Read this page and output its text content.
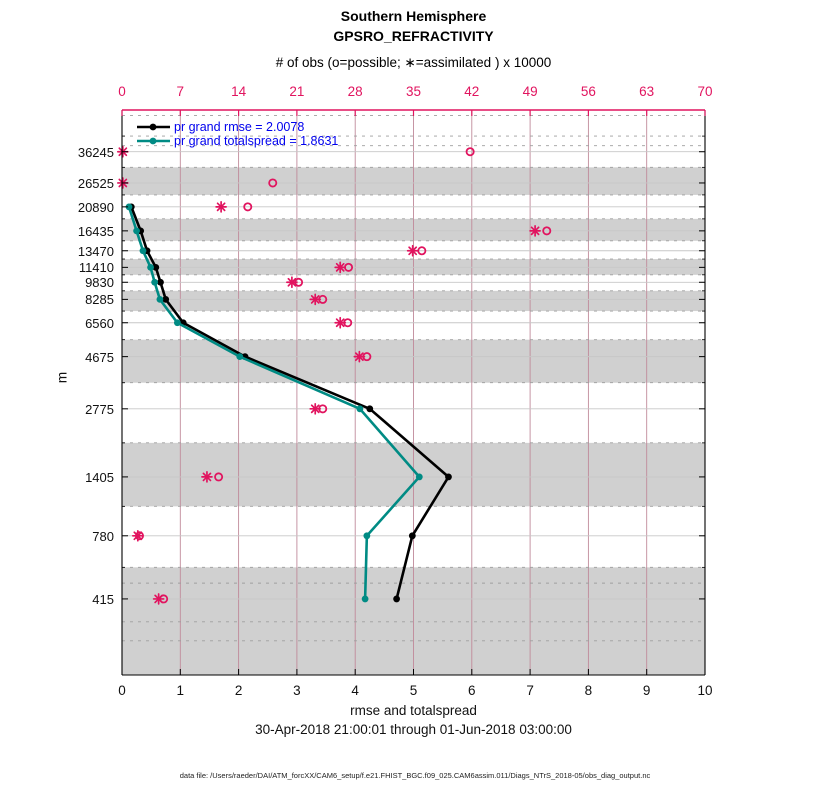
Southern Hemisphere
GPSRO_REFRACTIVITY
# of obs (o=possible; ∗=assimilated ) x 10000
0	7	14	21	28	35	42	49	56	63	70
0	1	2	3	4	5	6	7	8	9	10
36245
26525
20890
16435
13470
11410
9830
8285
6560
4675
2775
1405
780
415
pr grand rmse = 2.0078
pr grand totalspread = 1.8631
m
rmse and totalspread
30-Apr-2018 21:00:01 through 01-Jun-2018 03:00:00
data file: /Users/raeder/DAI/ATM_forcXX/CAM6_setup/f.e21.FHIST_BGC.f09_025.CAM6assim.011/Diags_NTrS_2018-05/obs_diag_output.nc
